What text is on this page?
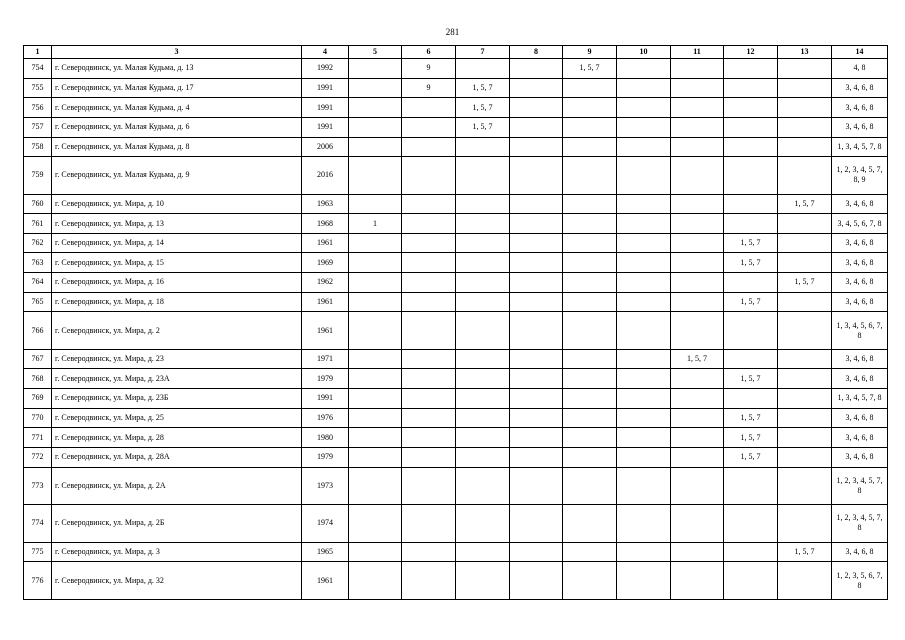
281
1	3	4	5	6	7	8	9	10	11	12	13	14
754	г. Северодвинск, ул. Малая Кудьма, д. 13	1992		9			1, 5, 7					4, 8
755	г. Северодвинск, ул. Малая Кудьма, д. 17	1991		9	1, 5, 7							3, 4, 6, 8
756	г. Северодвинск, ул. Малая Кудьма, д. 4	1991			1, 5, 7							3, 4, 6, 8
757	г. Северодвинск, ул. Малая Кудьма, д. 6	1991			1, 5, 7							3, 4, 6, 8
758	г. Северодвинск, ул. Малая Кудьма, д. 8	2006										1, 3, 4, 5, 7, 8
759	г. Северодвинск, ул. Малая Кудьма, д. 9	2016										1, 2, 3, 4, 5, 7, 8, 9
760	г. Северодвинск, ул. Мира, д. 10	1963									1, 5, 7	3, 4, 6, 8
761	г. Северодвинск, ул. Мира, д. 13	1968	1									3, 4, 5, 6, 7, 8
762	г. Северодвинск, ул. Мира, д. 14	1961								1, 5, 7		3, 4, 6, 8
763	г. Северодвинск, ул. Мира, д. 15	1969								1, 5, 7		3, 4, 6, 8
764	г. Северодвинск, ул. Мира, д. 16	1962									1, 5, 7	3, 4, 6, 8
765	г. Северодвинск, ул. Мира, д. 18	1961								1, 5, 7		3, 4, 6, 8
766	г. Северодвинск, ул. Мира, д. 2	1961										1, 3, 4, 5, 6, 7, 8
767	г. Северодвинск, ул. Мира, д. 23	1971							1, 5, 7			3, 4, 6, 8
768	г. Северодвинск, ул. Мира, д. 23А	1979								1, 5, 7		3, 4, 6, 8
769	г. Северодвинск, ул. Мира, д. 23Б	1991										1, 3, 4, 5, 7, 8
770	г. Северодвинск, ул. Мира, д. 25	1976								1, 5, 7		3, 4, 6, 8
771	г. Северодвинск, ул. Мира, д. 28	1980								1, 5, 7		3, 4, 6, 8
772	г. Северодвинск, ул. Мира, д. 28А	1979								1, 5, 7		3, 4, 6, 8
773	г. Северодвинск, ул. Мира, д. 2А	1973										1, 2, 3, 4, 5, 7, 8
774	г. Северодвинск, ул. Мира, д. 2Б	1974										1, 2, 3, 4, 5, 7, 8
775	г. Северодвинск, ул. Мира, д. 3	1965									1, 5, 7	3, 4, 6, 8
776	г. Северодвинск, ул. Мира, д. 32	1961										1, 2, 3, 5, 6, 7, 8
